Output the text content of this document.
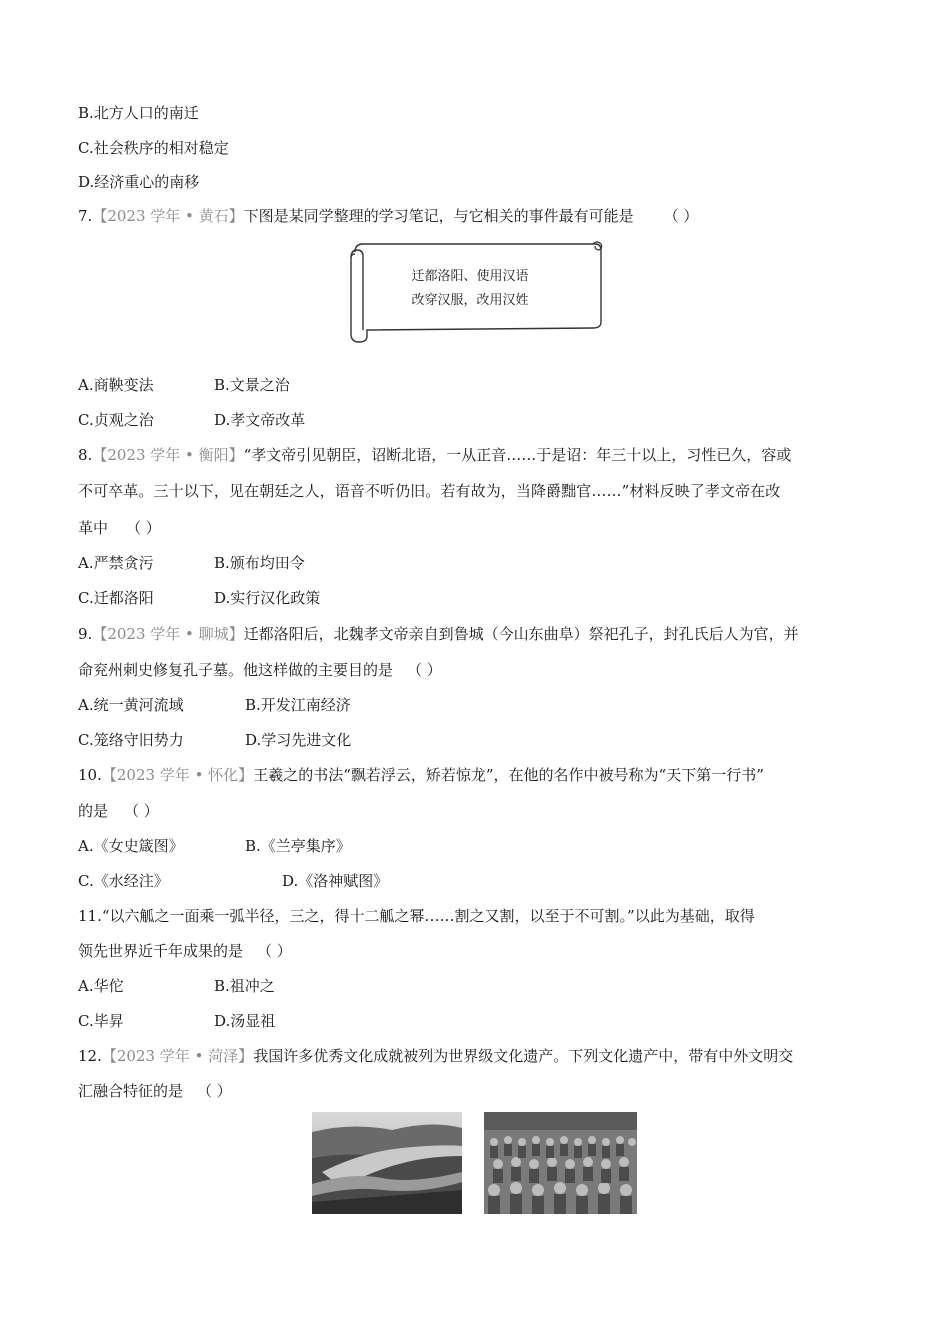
B.北方人口的南迁
C.社会秩序的相对稳定
D.经济重心的南移
7.【2023 学年 • 黄石】下图是某同学整理的学习笔记，与它相关的事件最有可能是 （ ）
迁都洛阳、使用汉语
改穿汉服，改用汉姓
A.商鞅变法	B.文景之治
C.贞观之治	D.孝文帝改革
8.【2023 学年 • 衡阳】“孝文帝引见朝臣，诏断北语，一从正音……于是诏：年三十以上，习性已久，容或
不可卒革。三十以下，见在朝廷之人，语音不听仍旧。若有故为，当降爵黜官……”材料反映了孝文帝在改
革中 （ ）
A.严禁贪污	B.颁布均田令
C.迁都洛阳	D.实行汉化政策
9.【2023 学年 • 聊城】迁都洛阳后，北魏孝文帝亲自到鲁城（今山东曲阜）祭祀孔子，封孔氏后人为官，并
命兖州刺史修复孔子墓。他这样做的主要目的是 （ ）
A.统一黄河流域	B.开发江南经济
C.笼络守旧势力	D.学习先进文化
10.【2023 学年 • 怀化】王羲之的书法“飘若浮云，矫若惊龙”，在他的名作中被号称为“天下第一行书”
的是 （ ）
A.《女史箴图》	B.《兰亭集序》
C.《水经注》	D.《洛神赋图》
11.“以六觚之一面乘一弧半径，三之，得十二觚之幂……割之又割，以至于不可割。”以此为基础，取得
领先世界近千年成果的是 （ ）
A.华佗	B.祖冲之
C.毕昇	D.汤显祖
12.【2023 学年 • 菏泽】我国许多优秀文化成就被列为世界级文化遗产。下列文化遗产中，带有中外文明交
汇融合特征的是 （ ）
